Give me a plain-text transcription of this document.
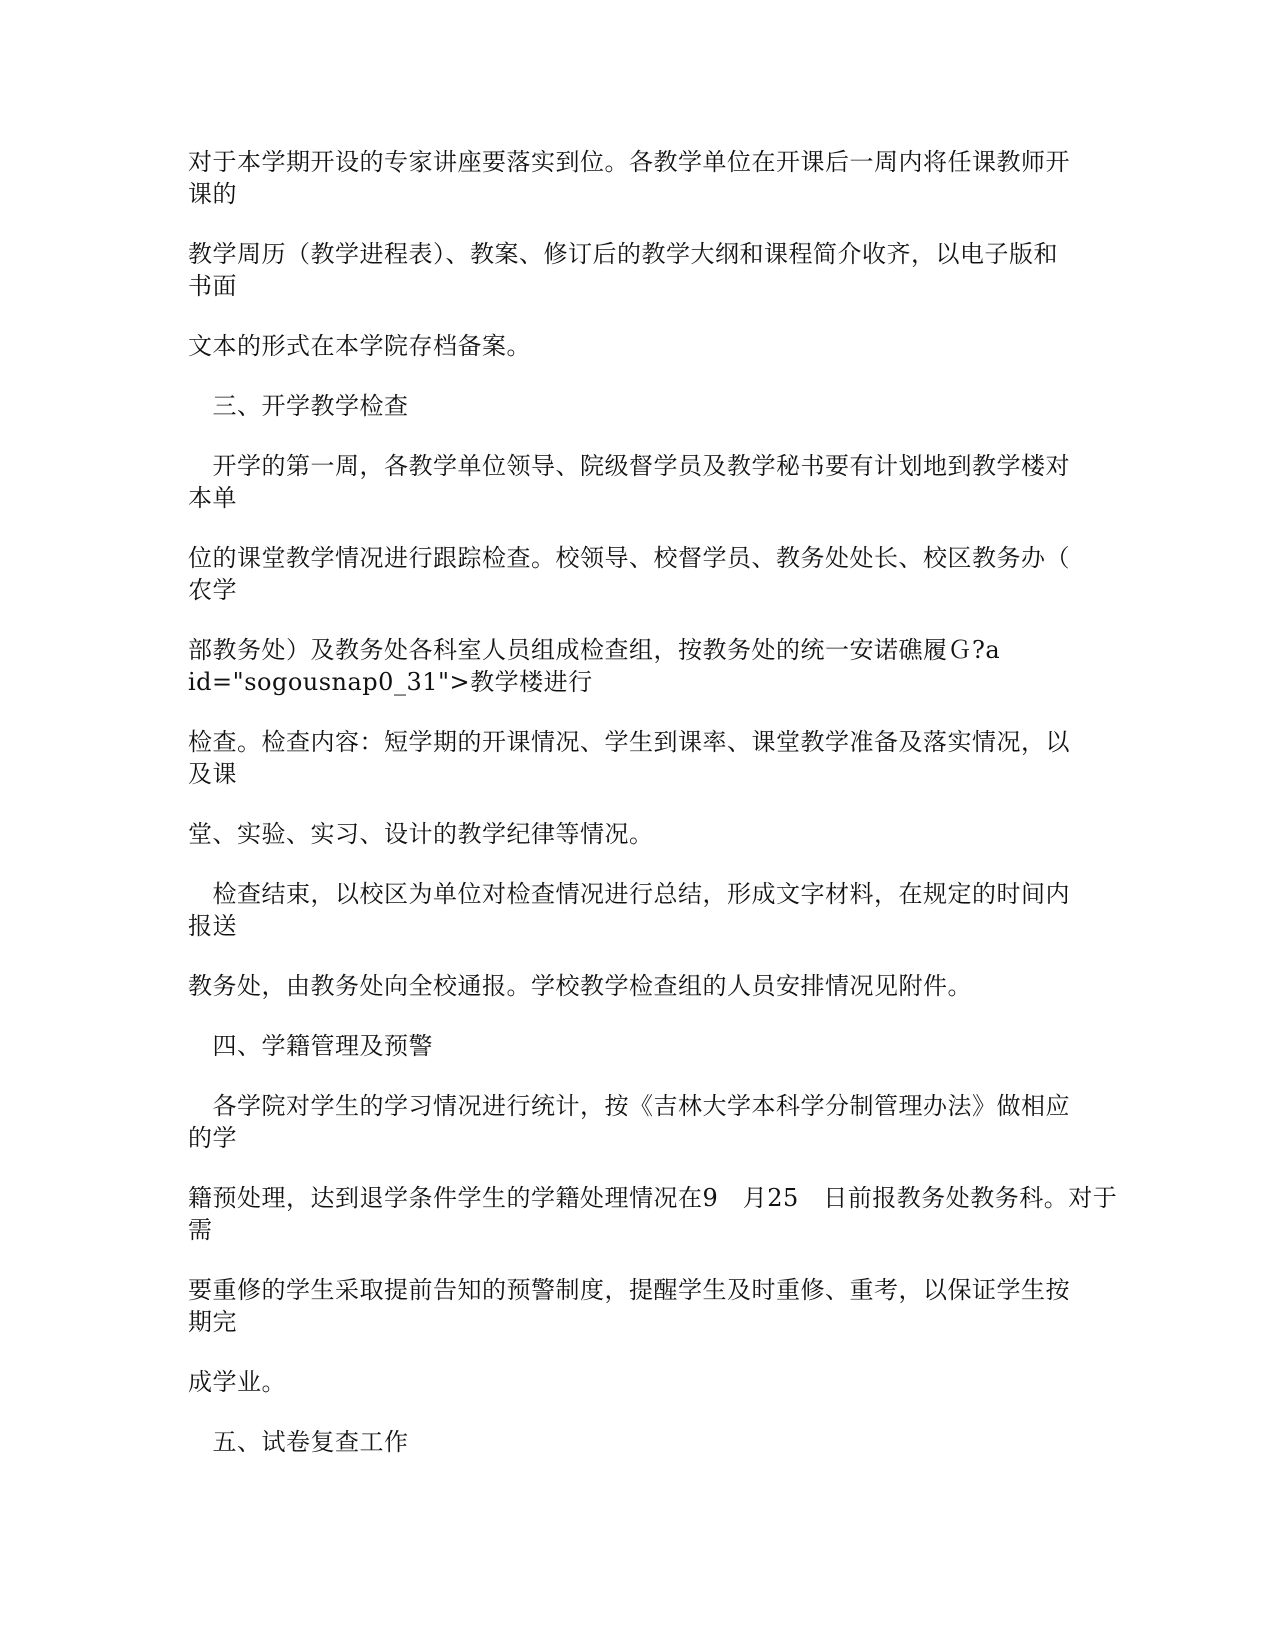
对于本学期开设的专家讲座要落实到位。各教学单位在开课后一周内将任课教师开
课的

教学周历（教学进程表）、教案、修订后的教学大纲和课程简介收齐，以电子版和
书面

文本的形式在本学院存档备案。

　三、开学教学检查

　开学的第一周，各教学单位领导、院级督学员及教学秘书要有计划地到教学楼对
本单

位的课堂教学情况进行跟踪检查。校领导、校督学员、教务处处长、校区教务办（
农学

部教务处）及教务处各科室人员组成检查组，按教务处的统一安诺礁履Ｇ?a
id="sogousnap0_31">教学楼进行

检查。检查内容：短学期的开课情况、学生到课率、课堂教学准备及落实情况，以
及课

堂、实验、实习、设计的教学纪律等情况。

　检查结束，以校区为单位对检查情况进行总结，形成文字材料，在规定的时间内
报送

教务处，由教务处向全校通报。学校教学检查组的人员安排情况见附件。

　四、学籍管理及预警

　各学院对学生的学习情况进行统计，按《吉林大学本科学分制管理办法》做相应
的学

籍预处理，达到退学条件学生的学籍处理情况在9　月25　日前报教务处教务科。对于
需

要重修的学生采取提前告知的预警制度，提醒学生及时重修、重考，以保证学生按
期完

成学业。

　五、试卷复查工作
